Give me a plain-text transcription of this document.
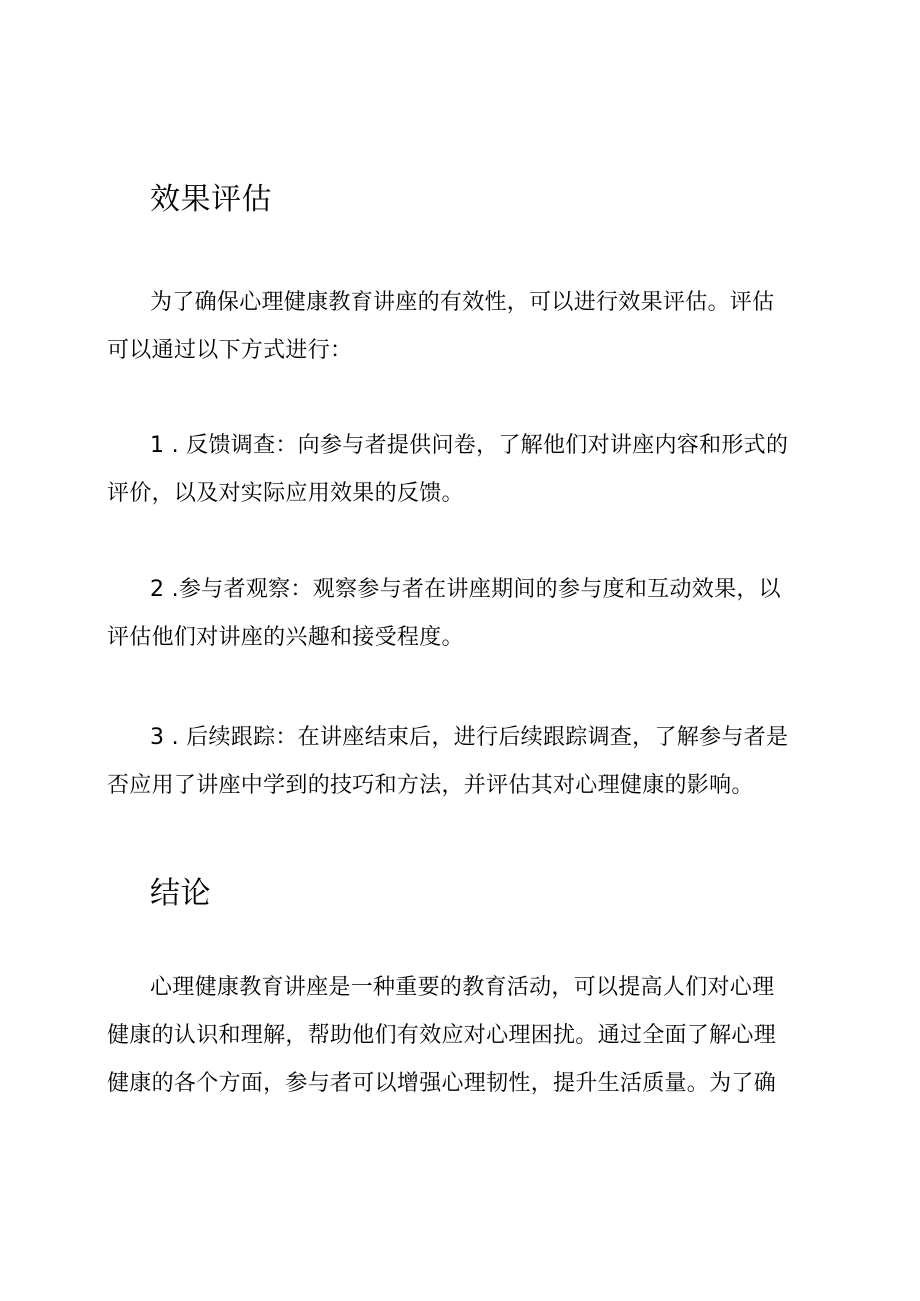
效果评估

为了确保心理健康教育讲座的有效性，可以进行效果评估。评估
可以通过以下方式进行：

1 . 反馈调查：向参与者提供问卷，了解他们对讲座内容和形式的
评价，以及对实际应用效果的反馈。

2 .参与者观察：观察参与者在讲座期间的参与度和互动效果，以
评估他们对讲座的兴趣和接受程度。

3 . 后续跟踪：在讲座结束后，进行后续跟踪调查，了解参与者是
否应用了讲座中学到的技巧和方法，并评估其对心理健康的影响。

结论

心理健康教育讲座是一种重要的教育活动，可以提高人们对心理
健康的认识和理解，帮助他们有效应对心理困扰。通过全面了解心理
健康的各个方面，参与者可以增强心理韧性，提升生活质量。为了确
